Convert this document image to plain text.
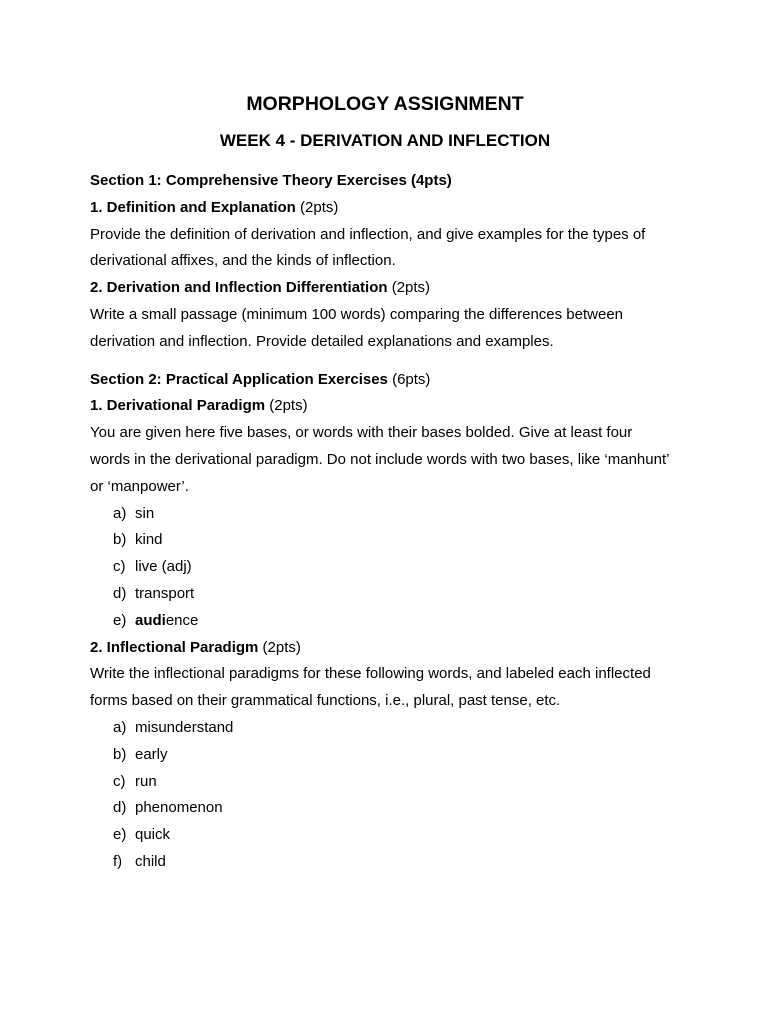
MORPHOLOGY ASSIGNMENT
WEEK 4 - DERIVATION AND INFLECTION

Section 1: Comprehensive Theory Exercises (4pts)

1. Definition and Explanation (2pts)

Provide the definition of derivation and inflection, and give examples for the types of

derivational affixes, and the kinds of inflection.

2. Derivation and Inflection Differentiation (2pts)

Write a small passage (minimum 100 words) comparing the differences between

derivation and inflection. Provide detailed explanations and examples.

Section 2: Practical Application Exercises (6pts)

1. Derivational Paradigm (2pts)

You are given here five bases, or words with their bases bolded. Give at least four

words in the derivational paradigm. Do not include words with two bases, like ‘manhunt’

or ‘manpower’.

a) sin
b) kind
c) live (adj)
d) transport
e) audience

2. Inflectional Paradigm (2pts)

Write the inflectional paradigms for these following words, and labeled each inflected

forms based on their grammatical functions, i.e., plural, past tense, etc.

a) misunderstand
b) early
c) run
d) phenomenon
e) quick
f) child
